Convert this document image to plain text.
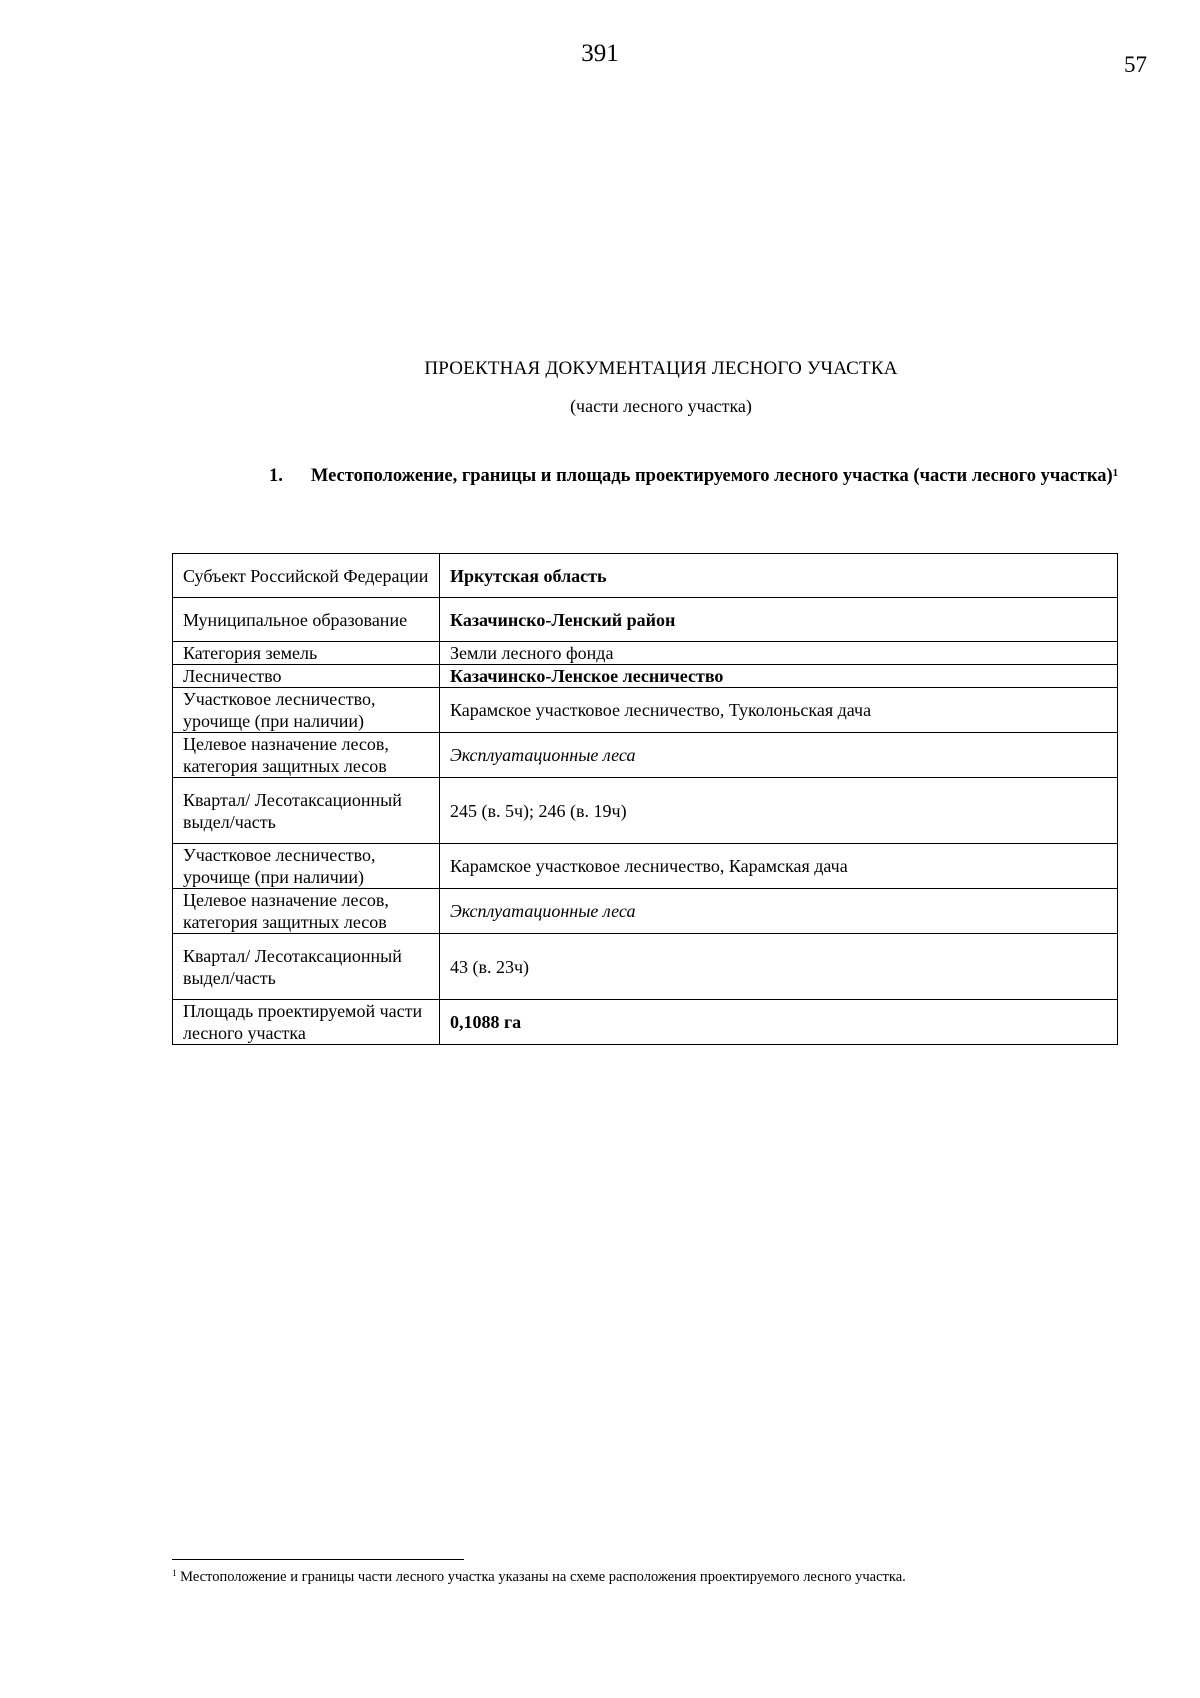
391	57
ПРОЕКТНАЯ ДОКУМЕНТАЦИЯ ЛЕСНОГО УЧАСТКА
(части лесного участка)
1.	Местоположение, границы и площадь проектируемого лесного участка (части лесного участка)$^1$
Субъект Российской Федерации	Иркутская область
Муниципальное образование	Казачинско-Ленский район
Категория земель	Земли лесного фонда
Лесничество	Казачинско-Ленское лесничество
Участковое лесничество, урочище (при наличии)	Карамское участковое лесничество, Туколоньская дача
Целевое назначение лесов, категория защитных лесов	Эксплуатационные леса
Квартал/ Лесотаксационный выдел/часть	245 (в. 5ч); 246 (в. 19ч)
Участковое лесничество, урочище (при наличии)	Карамское участковое лесничество, Карамская дача
Целевое назначение лесов, категория защитных лесов	Эксплуатационные леса
Квартал/ Лесотаксационный выдел/часть	43 (в. 23ч)
Площадь проектируемой части лесного участка	0,1088 га
$^1$ Местоположение и границы части лесного участка указаны на схеме расположения проектируемого лесного участка.
